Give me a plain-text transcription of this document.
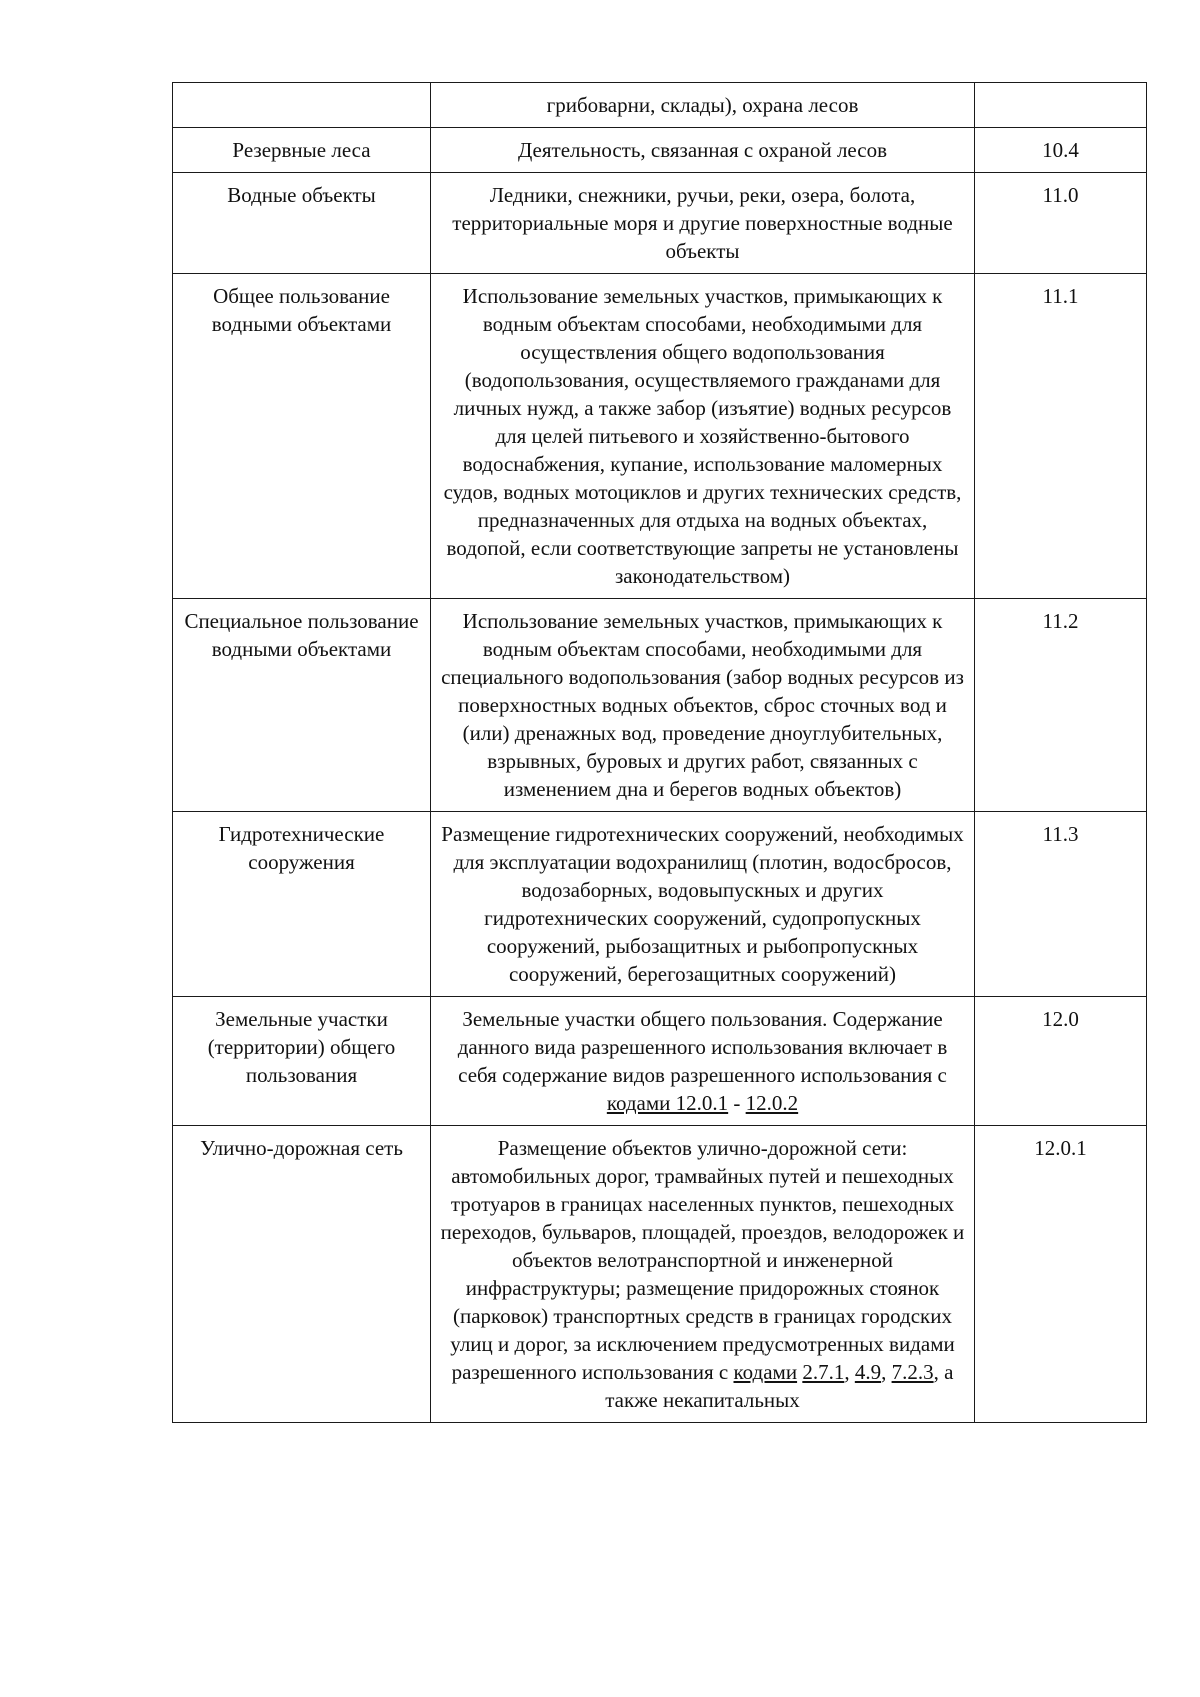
	грибоварни, склады), охрана лесов	
Резервные леса	Деятельность, связанная с охраной лесов	10.4
Водные объекты	Ледники, снежники, ручьи, реки, озера, болота, территориальные моря и другие поверхностные водные объекты	11.0
Общее пользование водными объектами	Использование земельных участков, примыкающих к водным объектам способами, необходимыми для осуществления общего водопользования (водопользования, осуществляемого гражданами для личных нужд, а также забор (изъятие) водных ресурсов для целей питьевого и хозяйственно-бытового водоснабжения, купание, использование маломерных судов, водных мотоциклов и других технических средств, предназначенных для отдыха на водных объектах, водопой, если соответствующие запреты не установлены законодательством)	11.1
Специальное пользование водными объектами	Использование земельных участков, примыкающих к водным объектам способами, необходимыми для специального водопользования (забор водных ресурсов из поверхностных водных объектов, сброс сточных вод и (или) дренажных вод, проведение дноуглубительных, взрывных, буровых и других работ, связанных с изменением дна и берегов водных объектов)	11.2
Гидротехнические сооружения	Размещение гидротехнических сооружений, необходимых для эксплуатации водохранилищ (плотин, водосбросов, водозаборных, водовыпускных и других гидротехнических сооружений, судопропускных сооружений, рыбозащитных и рыбопропускных сооружений, берегозащитных сооружений)	11.3
Земельные участки (территории) общего пользования	Земельные участки общего пользования. Содержание данного вида разрешенного использования включает в себя содержание видов разрешенного использования с кодами 12.0.1 - 12.0.2	12.0
Улично-дорожная сеть	Размещение объектов улично-дорожной сети: автомобильных дорог, трамвайных путей и пешеходных тротуаров в границах населенных пунктов, пешеходных переходов, бульваров, площадей, проездов, велодорожек и объектов велотранспортной и инженерной инфраструктуры; размещение придорожных стоянок (парковок) транспортных средств в границах городских улиц и дорог, за исключением предусмотренных видами разрешенного использования с кодами 2.7.1, 4.9, 7.2.3, а также некапитальных	12.0.1
